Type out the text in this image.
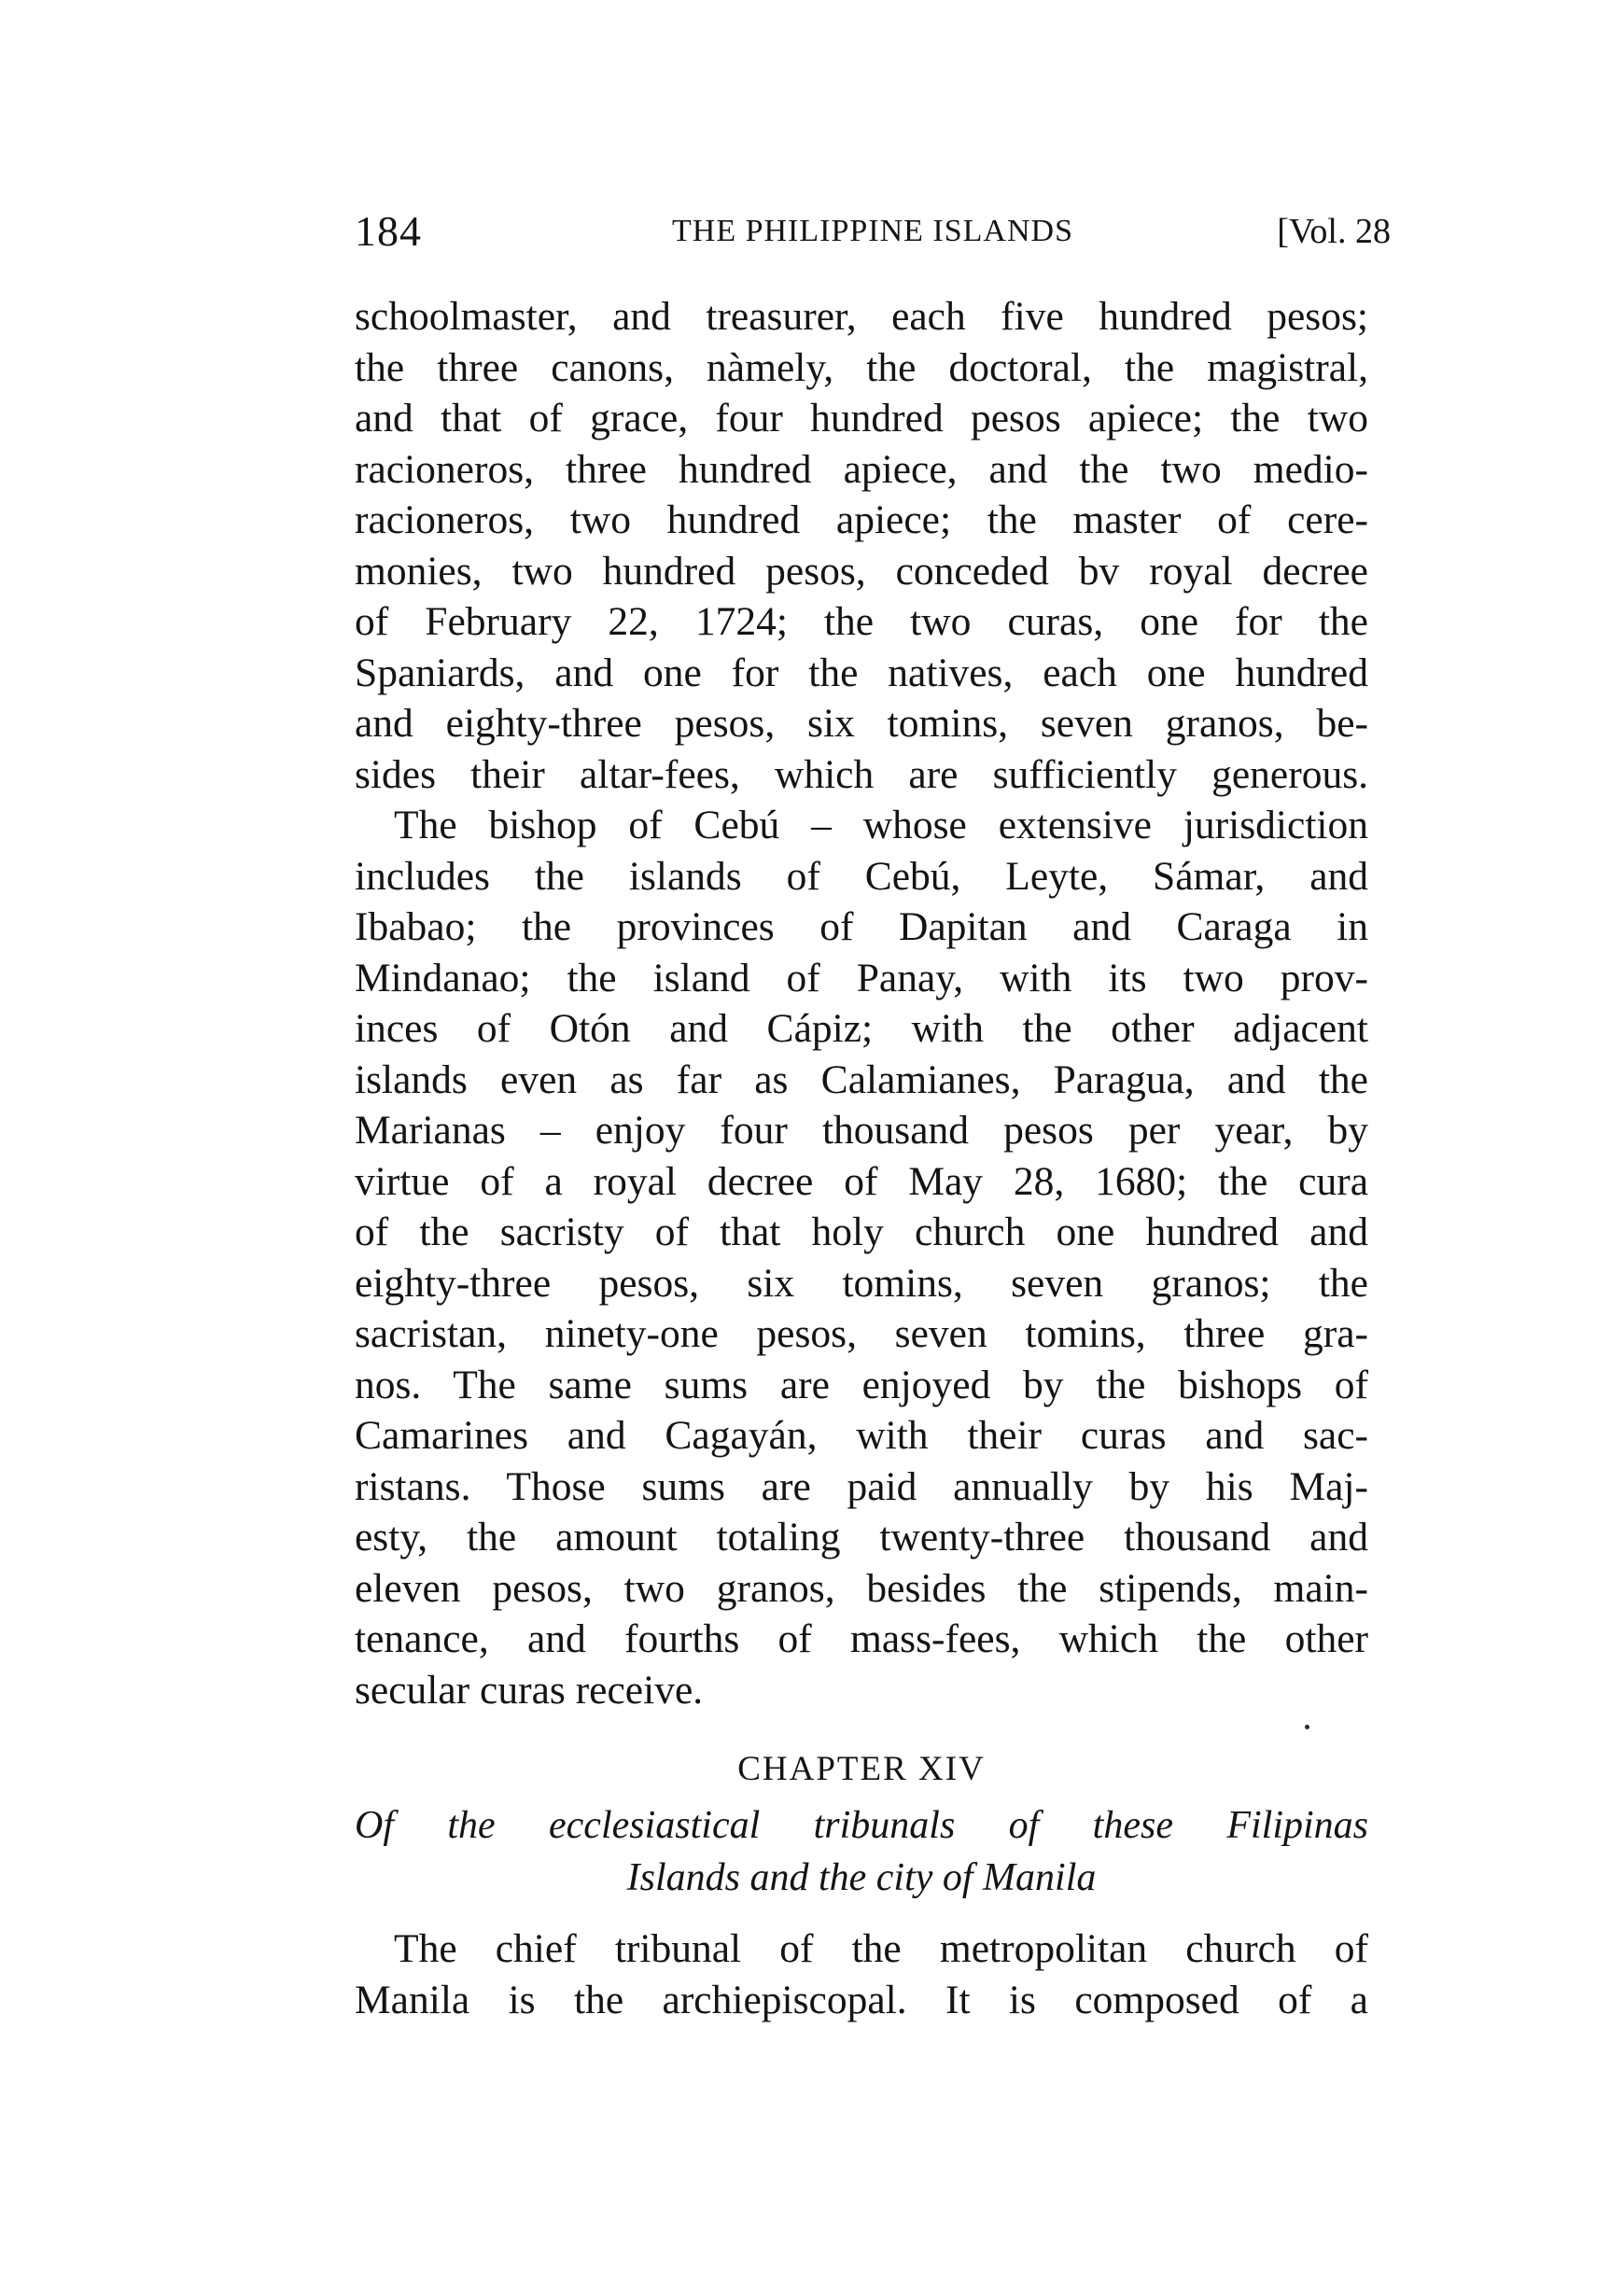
184	THE PHILIPPINE ISLANDS	[Vol. 28
schoolmaster, and treasurer, each five hundred pesos;
the three canons, nàmely, the doctoral, the magistral,
and that of grace, four hundred pesos apiece; the two
racioneros, three hundred apiece, and the two medio-
racioneros, two hundred apiece; the master of cere-
monies, two hundred pesos, conceded bv royal decree
of February 22, 1724; the two curas, one for the
Spaniards, and one for the natives, each one hundred
and eighty-three pesos, six tomins, seven granos, be-
sides their altar-fees, which are sufficiently generous.
The bishop of Cebú – whose extensive jurisdiction
includes the islands of Cebú, Leyte, Sámar, and
Ibabao; the provinces of Dapitan and Caraga in
Mindanao; the island of Panay, with its two prov-
inces of Otón and Cápiz; with the other adjacent
islands even as far as Calamianes, Paragua, and the
Marianas – enjoy four thousand pesos per year, by
virtue of a royal decree of May 28, 1680; the cura
of the sacristy of that holy church one hundred and
eighty-three pesos, six tomins, seven granos; the
sacristan, ninety-one pesos, seven tomins, three gra-
nos. The same sums are enjoyed by the bishops of
Camarines and Cagayán, with their curas and sac-
ristans. Those sums are paid annually by his Maj-
esty, the amount totaling twenty-three thousand and
eleven pesos, two granos, besides the stipends, main-
tenance, and fourths of mass-fees, which the other
secular curas receive.
CHAPTER XIV
Of the ecclesiastical tribunals of these Filipinas
Islands and the city of Manila
The chief tribunal of the metropolitan church of
Manila is the archiepiscopal. It is composed of a
